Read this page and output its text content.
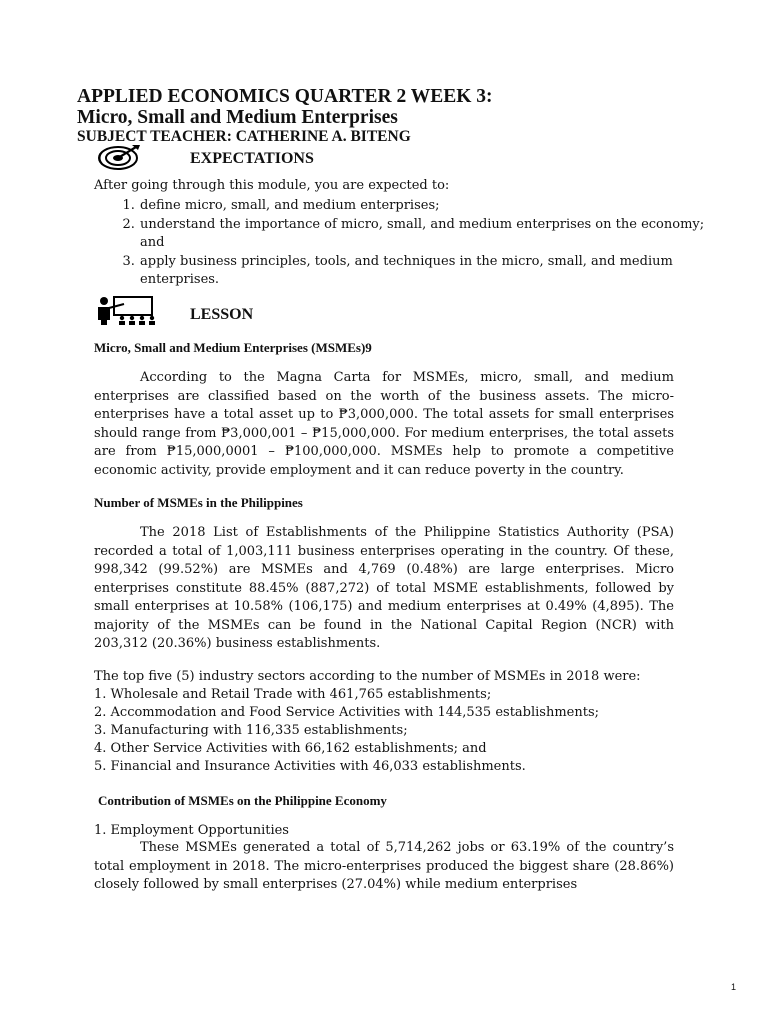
APPLIED ECONOMICS QUARTER 2 WEEK 3:

Micro, Small and Medium Enterprises

SUBJECT TEACHER: CATHERINE A. BITENG

EXPECTATIONS
After going through this module, you are expected to:
1. define micro, small, and medium enterprises;
2. understand the importance of micro, small, and medium enterprises on the economy; and
3. apply business principles, tools, and techniques in the micro, small, and medium enterprises.
LESSON
Micro, Small and Medium Enterprises (MSMEs)9
According to the Magna Carta for MSMEs, micro, small, and medium enterprises are classified based on the worth of the business assets. The micro- enterprises have a total asset up to ₱3,000,000. The total assets for small enterprises should range from ₱3,000,001 – ₱15,000,000. For medium enterprises, the total assets are from ₱15,000,0001 – ₱100,000,000. MSMEs help to promote a competitive economic activity, provide employment and it can reduce poverty in the country.
Number of MSMEs in the Philippines
The 2018 List of Establishments of the Philippine Statistics Authority (PSA) recorded a total of 1,003,111 business enterprises operating in the country. Of these, 998,342 (99.52%) are MSMEs and 4,769 (0.48%) are large enterprises. Micro enterprises constitute 88.45% (887,272) of total MSME establishments, followed by small enterprises at 10.58% (106,175) and medium enterprises at 0.49% (4,895). The majority of the MSMEs can be found in the National Capital Region (NCR) with 203,312 (20.36%) business establishments.
The top five (5) industry sectors according to the number of MSMEs in 2018 were:
1. Wholesale and Retail Trade with 461,765 establishments;
2. Accommodation and Food Service Activities with 144,535 establishments;
3. Manufacturing with 116,335 establishments;
4. Other Service Activities with 66,162 establishments; and
5. Financial and Insurance Activities with 46,033 establishments.
Contribution of MSMEs on the Philippine Economy
1. Employment Opportunities
These MSMEs generated a total of 5,714,262 jobs or 63.19% of the country’s total employment in 2018. The micro-enterprises produced the biggest share (28.86%) closely followed by small enterprises (27.04%) while medium enterprises
1
